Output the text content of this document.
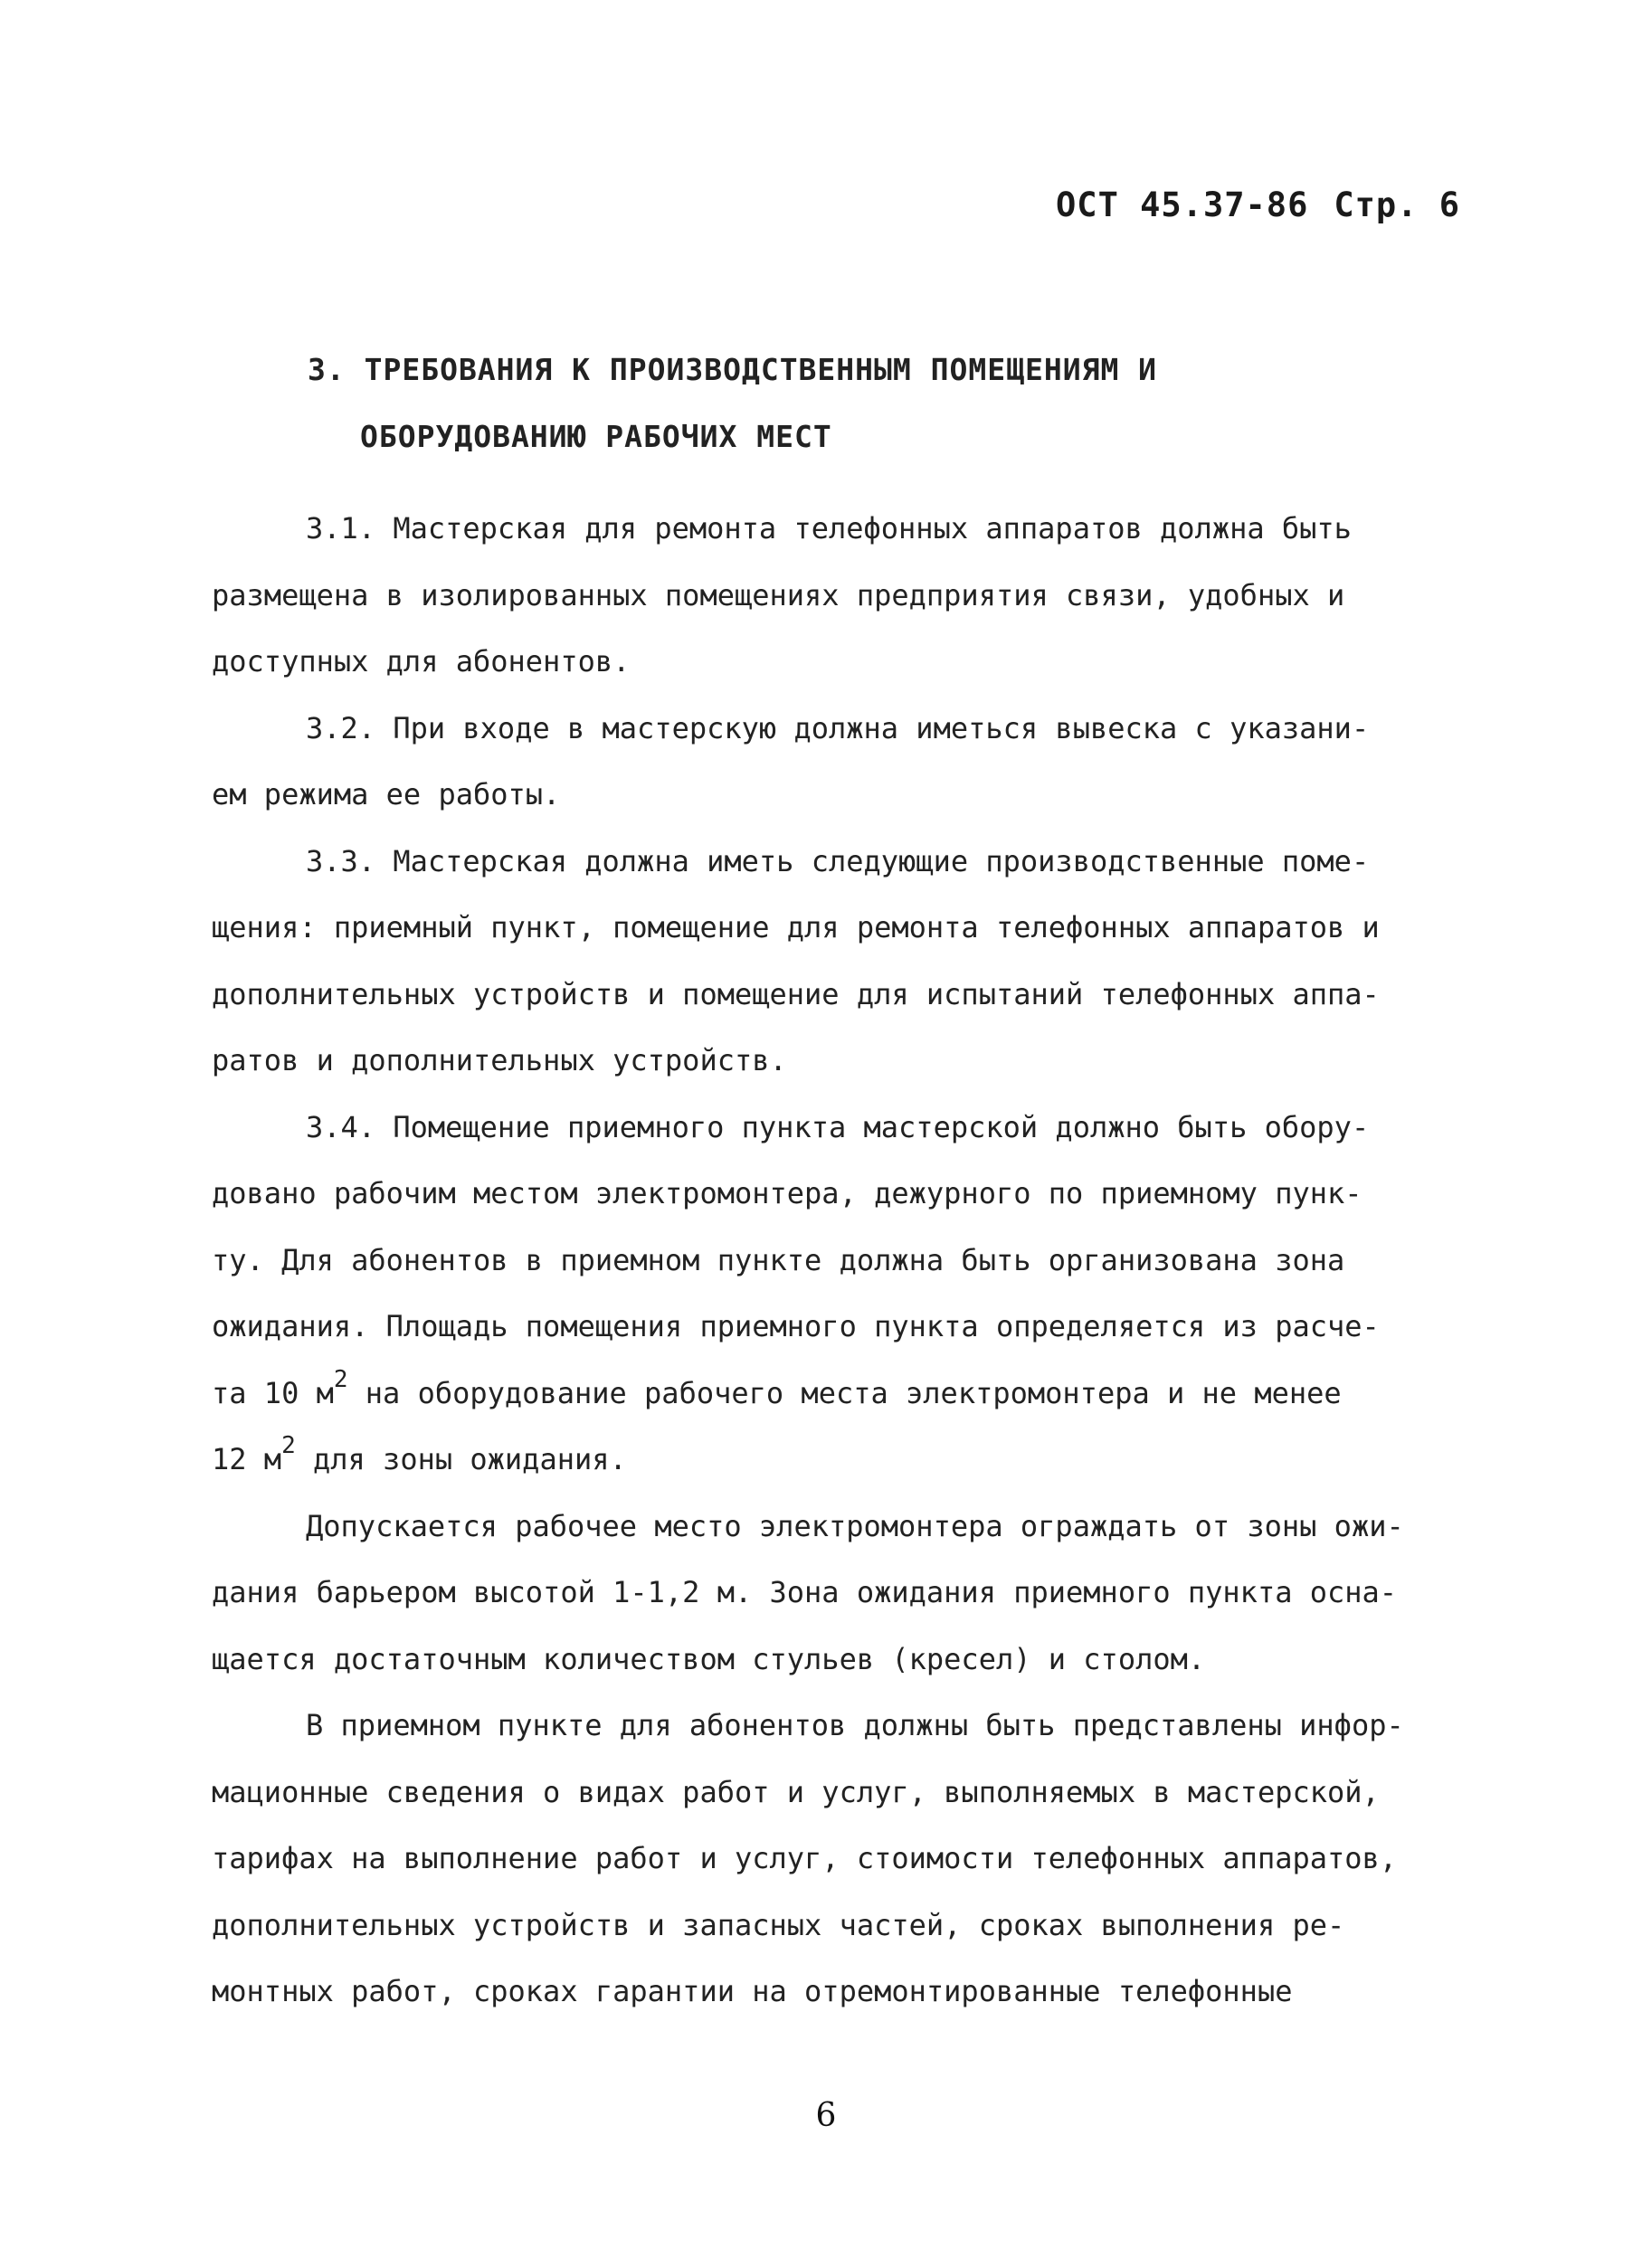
ОСТ 45.37-86 Стр. 6
3. ТРЕБОВАНИЯ К ПРОИЗВОДСТВЕННЫМ ПОМЕЩЕНИЯМ И
ОБОРУДОВАНИЮ РАБОЧИХ МЕСТ
3.1. Мастерская для ремонта телефонных аппаратов должна быть
размещена в изолированных помещениях предприятия связи, удобных и
доступных для абонентов.
3.2. При входе в мастерскую должна иметься вывеска с указани-
ем режима ее работы.
3.3. Мастерская должна иметь следующие производственные поме-
щения: приемный пункт, помещение для ремонта телефонных аппаратов и
дополнительных устройств и помещение для испытаний телефонных аппа-
ратов и дополнительных устройств.
3.4. Помещение приемного пункта мастерской должно быть обору-
довано рабочим местом электромонтера, дежурного по приемному пунк-
ту. Для абонентов в приемном пункте должна быть организована зона
ожидания. Площадь помещения приемного пункта определяется из расче-
та 10 $м^2$ на оборудование рабочего места электромонтера и не менее
12 $м^2$ для зоны ожидания.
Допускается рабочее место электромонтера ограждать от зоны ожи-
дания барьером высотой 1-1,2 м. Зона ожидания приемного пункта осна-
щается достаточным количеством стульев (кресел) и столом.
В приемном пункте для абонентов должны быть представлены инфор-
мационные сведения о видах работ и услуг, выполняемых в мастерской,
тарифах на выполнение работ и услуг, стоимости телефонных аппаратов,
дополнительных устройств и запасных частей, сроках выполнения ре-
монтных работ, сроках гарантии на отремонтированные телефонные
6
